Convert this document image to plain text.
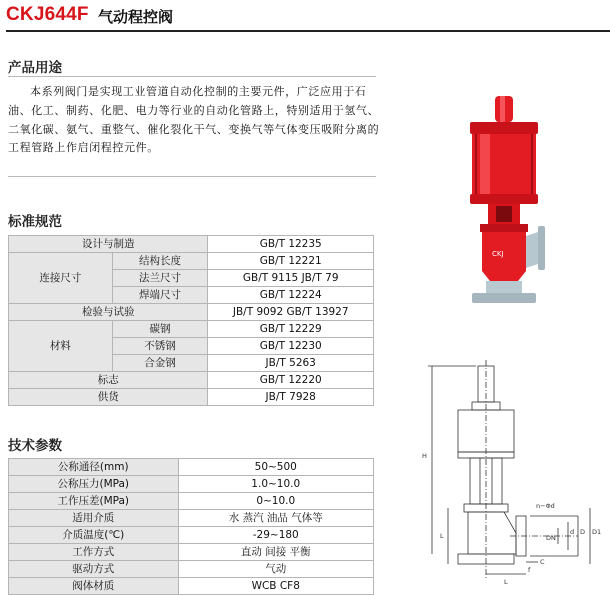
CKJ644F 气动程控阀
产品用途
本系列阀门是实现工业管道自动化控制的主要元件，广泛应用于石油、化工、制药、化肥、电力等行业的自动化管路上，特别适用于氢气、二氧化碳、氨气、重整气、催化裂化干气、变换气等气体变压吸附分离的工程管路上作启闭程控元件。
标准规范
设计与制造		GB/T 12235
连接尺寸	结构长度	GB/T 12221
	法兰尺寸	GB/T 9115 JB/T 79
	焊端尺寸	GB/T 12224
检验与试验		JB/T 9092 GB/T 13927
材料	碳钢	GB/T 12229
	不锈钢	GB/T 12230
	合金钢	JB/T 5263
标志		GB/T 12220
供货		JB/T 7928
技术参数
公称通径(mm)	50~500
公称压力(MPa)	1.0~10.0
工作压差(MPa)	0~10.0
适用介质	水 蒸汽 油品 气体等
介质温度(℃)	-29~180
工作方式	直动 间接 平衡
驱动方式	气动
阀体材质	WCB CF8
CKJ
H
L
L
n−Φd
D1
D
d
DN
f
C
